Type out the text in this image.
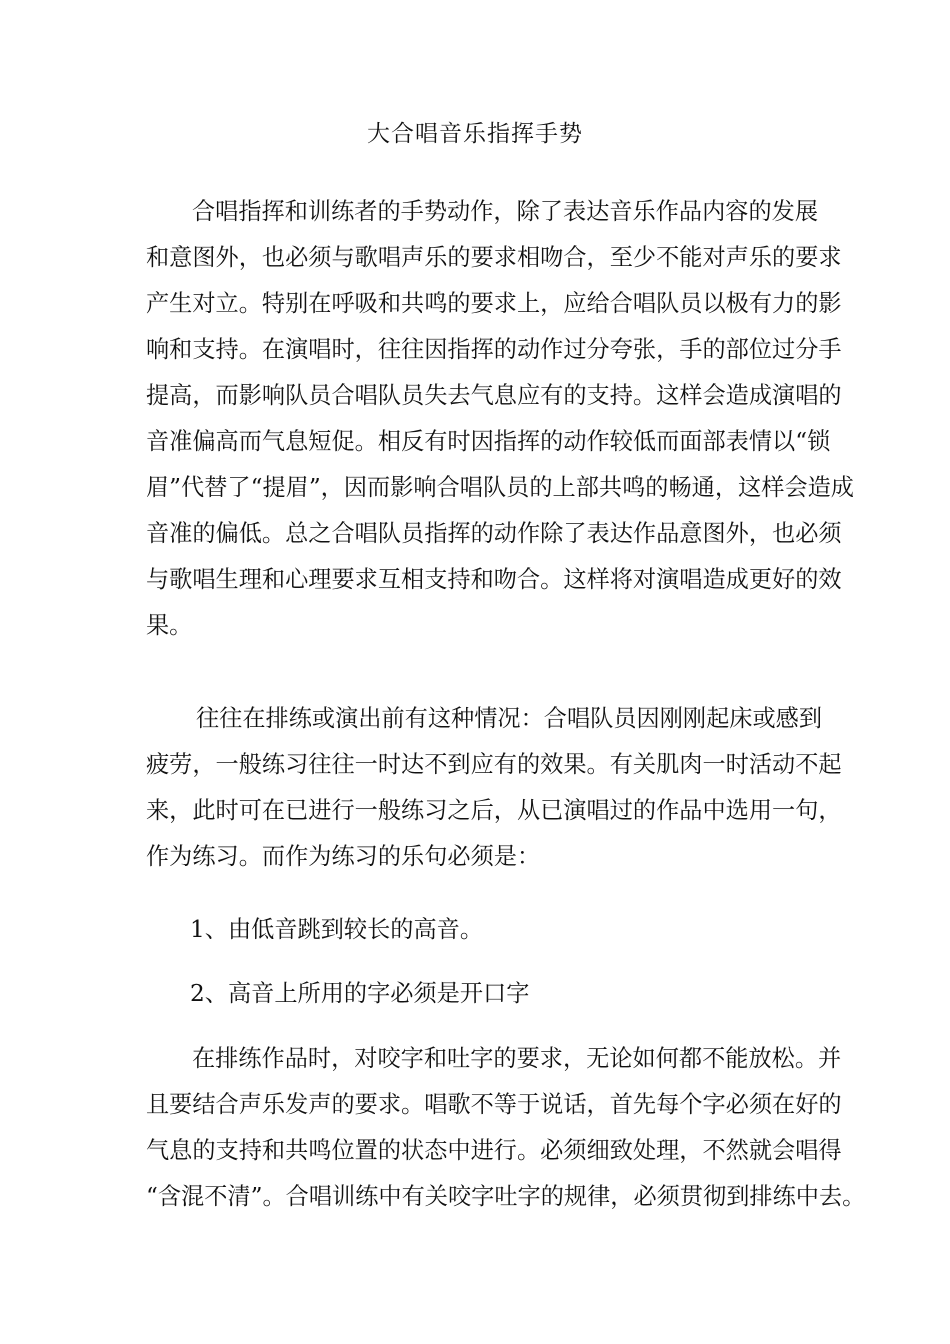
大合唱音乐指挥手势

合唱指挥和训练者的手势动作，除了表达音乐作品内容的发展

和意图外，也必须与歌唱声乐的要求相吻合，至少不能对声乐的要求

产生对立。特别在呼吸和共鸣的要求上，应给合唱队员以极有力的影

响和支持。在演唱时，往往因指挥的动作过分夸张，手的部位过分手

提高，而影响队员合唱队员失去气息应有的支持。这样会造成演唱的

音准偏高而气息短促。相反有时因指挥的动作较低而面部表情以“锁

眉”代替了“提眉”，因而影响合唱队员的上部共鸣的畅通，这样会造成

音准的偏低。总之合唱队员指挥的动作除了表达作品意图外，也必须

与歌唱生理和心理要求互相支持和吻合。这样将对演唱造成更好的效

果。

往往在排练或演出前有这种情况：合唱队员因刚刚起床或感到

疲劳，一般练习往往一时达不到应有的效果。有关肌肉一时活动不起

来，此时可在已进行一般练习之后，从已演唱过的作品中选用一句，

作为练习。而作为练习的乐句必须是：

1、由低音跳到较长的高音。

2、高音上所用的字必须是开口字

在排练作品时，对咬字和吐字的要求，无论如何都不能放松。并

且要结合声乐发声的要求。唱歌不等于说话，首先每个字必须在好的

气息的支持和共鸣位置的状态中进行。必须细致处理，不然就会唱得

“含混不清”。合唱训练中有关咬字吐字的规律，必须贯彻到排练中去。
